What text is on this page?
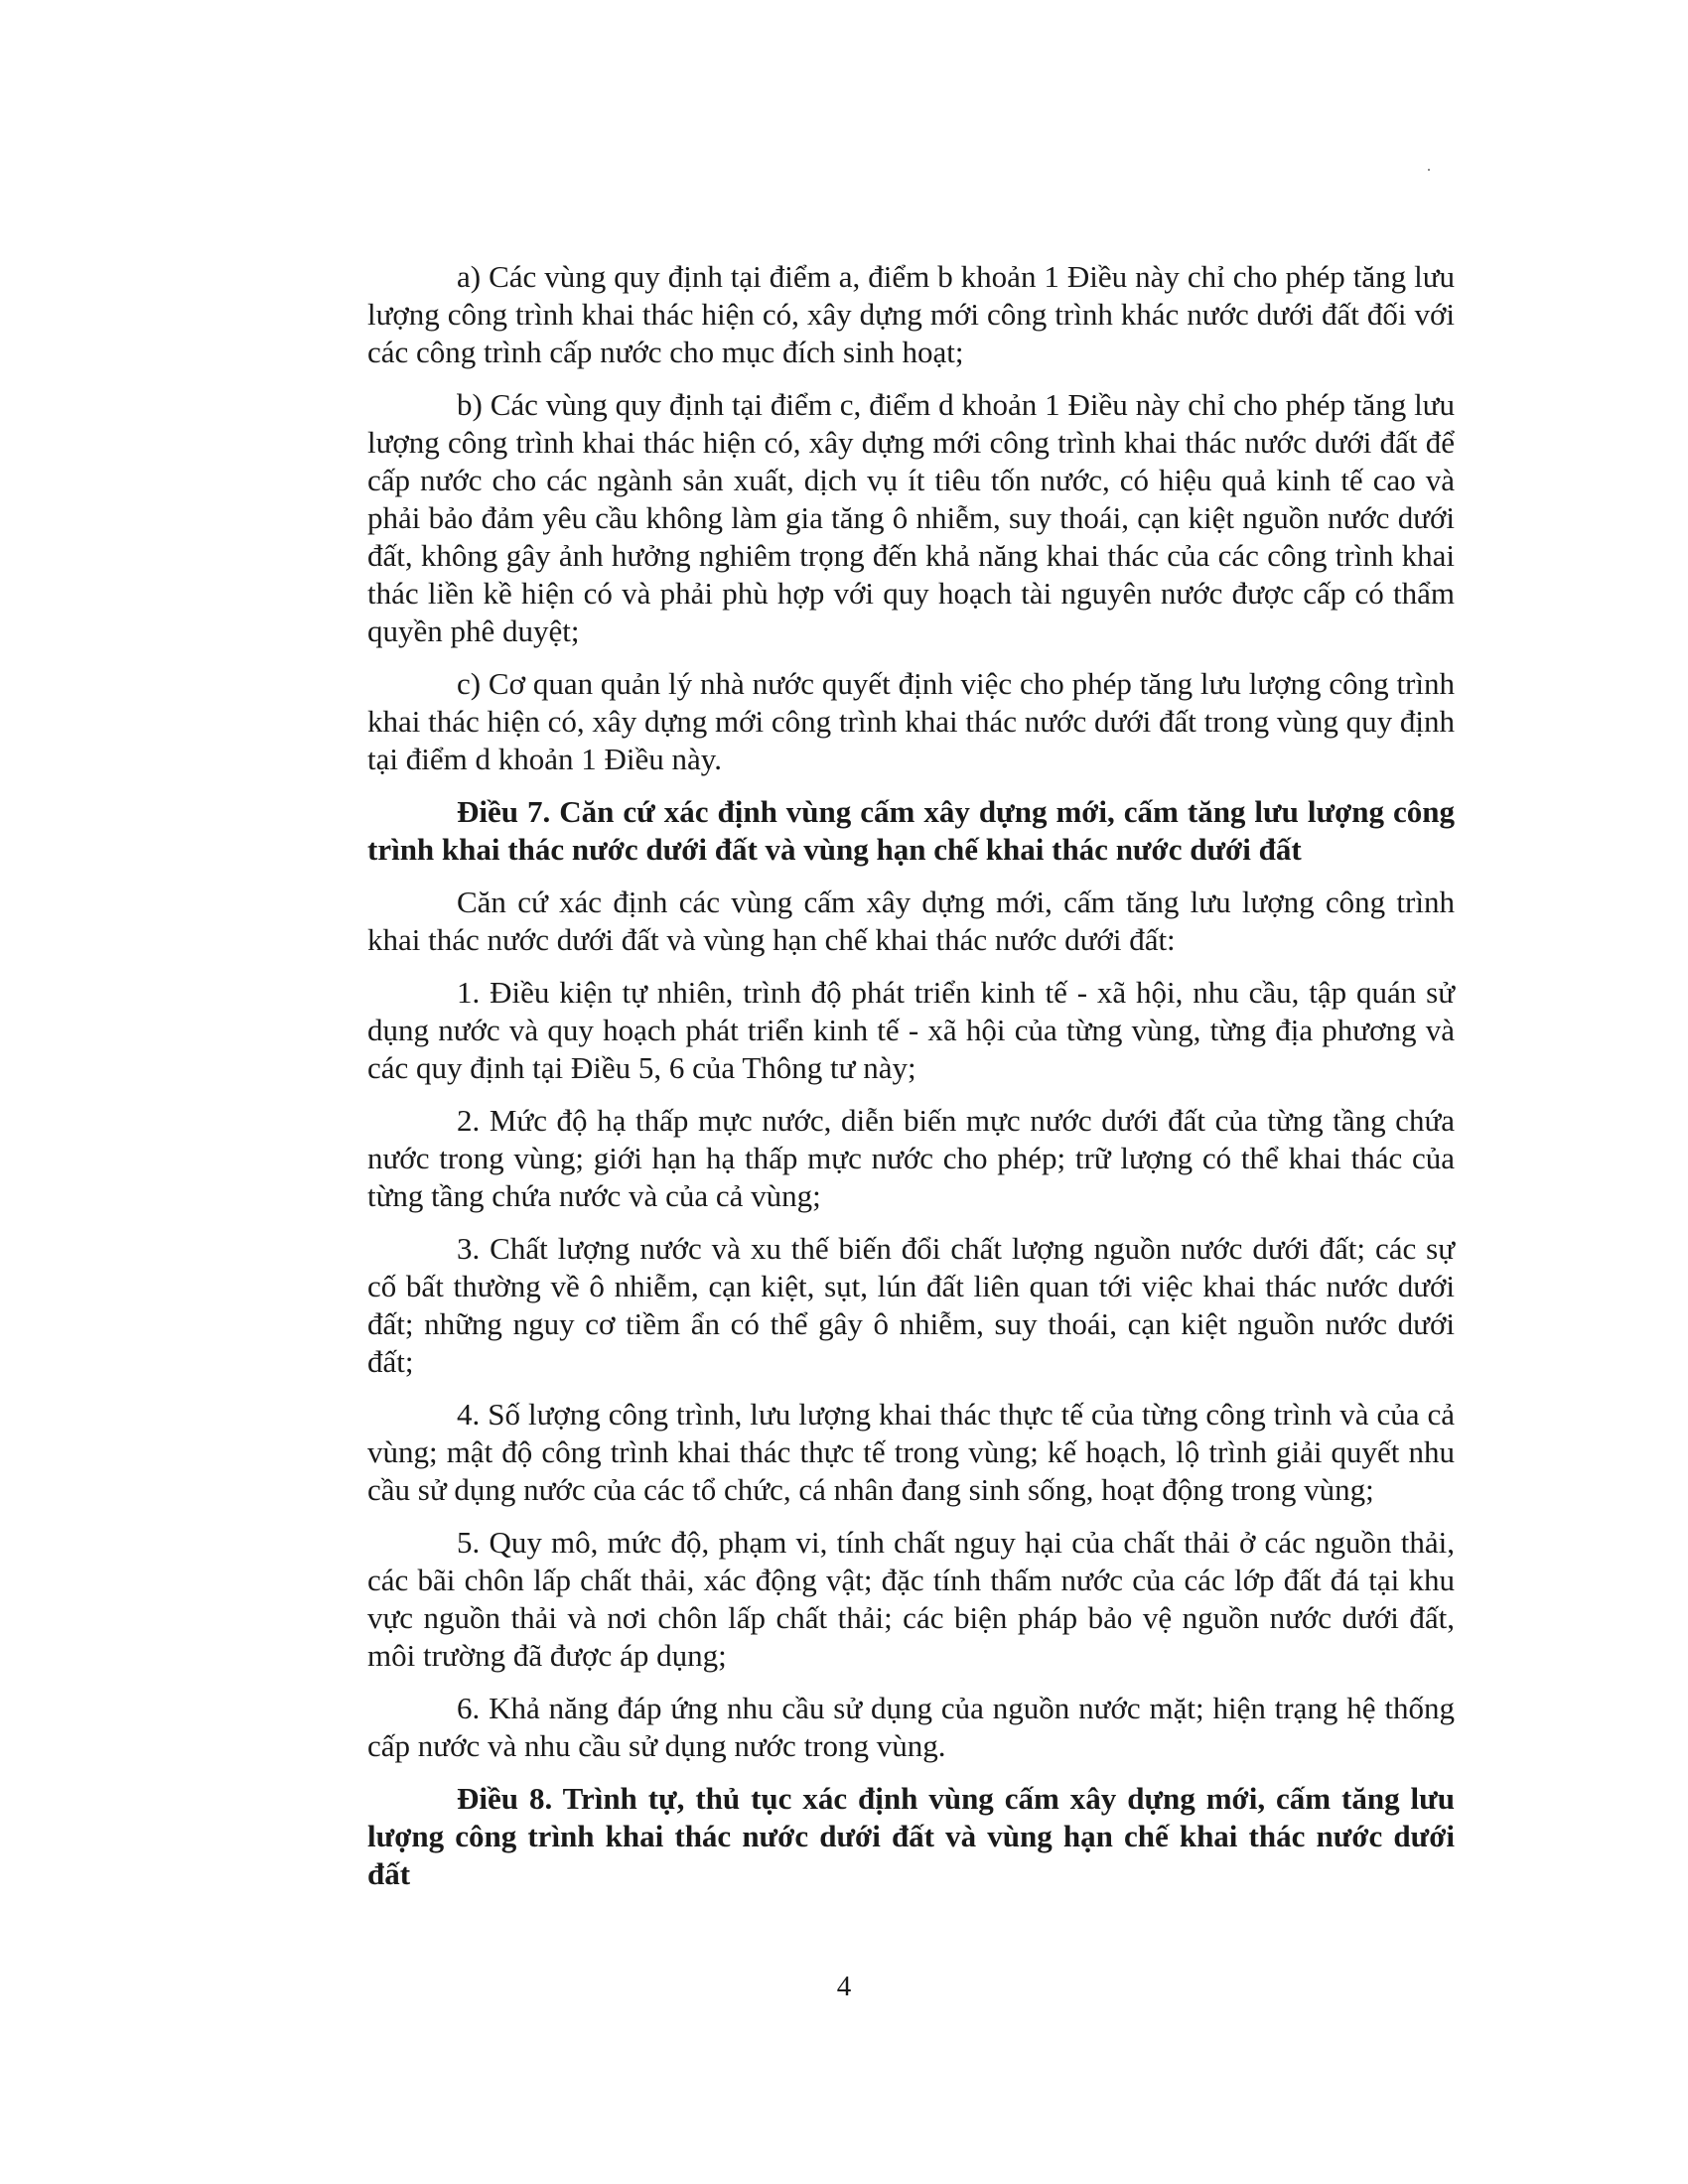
a) Các vùng quy định tại điểm a, điểm b khoản 1 Điều này chỉ cho phép tăng lưu lượng công trình khai thác hiện có, xây dựng mới công trình khác nước dưới đất đối với các công trình cấp nước cho mục đích sinh hoạt;

b) Các vùng quy định tại điểm c, điểm d khoản 1 Điều này chỉ cho phép tăng lưu lượng công trình khai thác hiện có, xây dựng mới công trình khai thác nước dưới đất để cấp nước cho các ngành sản xuất, dịch vụ ít tiêu tốn nước, có hiệu quả kinh tế cao và phải bảo đảm yêu cầu không làm gia tăng ô nhiễm, suy thoái, cạn kiệt nguồn nước dưới đất, không gây ảnh hưởng nghiêm trọng đến khả năng khai thác của các công trình khai thác liền kề hiện có và phải phù hợp với quy hoạch tài nguyên nước được cấp có thẩm quyền phê duyệt;

c) Cơ quan quản lý nhà nước quyết định việc cho phép tăng lưu lượng công trình khai thác hiện có, xây dựng mới công trình khai thác nước dưới đất trong vùng quy định tại điểm d khoản 1 Điều này.

Điều 7. Căn cứ xác định vùng cấm xây dựng mới, cấm tăng lưu lượng công trình khai thác nước dưới đất và vùng hạn chế khai thác nước dưới đất

Căn cứ xác định các vùng cấm xây dựng mới, cấm tăng lưu lượng công trình khai thác nước dưới đất và vùng hạn chế khai thác nước dưới đất:

1. Điều kiện tự nhiên, trình độ phát triển kinh tế - xã hội, nhu cầu, tập quán sử dụng nước và quy hoạch phát triển kinh tế - xã hội của từng vùng, từng địa phương và các quy định tại Điều 5, 6 của Thông tư này;

2. Mức độ hạ thấp mực nước, diễn biến mực nước dưới đất của từng tầng chứa nước trong vùng; giới hạn hạ thấp mực nước cho phép; trữ lượng có thể khai thác của từng tầng chứa nước và của cả vùng;

3. Chất lượng nước và xu thế biến đổi chất lượng nguồn nước dưới đất; các sự cố bất thường về ô nhiễm, cạn kiệt, sụt, lún đất liên quan tới việc khai thác nước dưới đất; những nguy cơ tiềm ẩn có thể gây ô nhiễm, suy thoái, cạn kiệt nguồn nước dưới đất;

4. Số lượng công trình, lưu lượng khai thác thực tế của từng công trình và của cả vùng; mật độ công trình khai thác thực tế trong vùng; kế hoạch, lộ trình giải quyết nhu cầu sử dụng nước của các tổ chức, cá nhân đang sinh sống, hoạt động trong vùng;

5. Quy mô, mức độ, phạm vi, tính chất nguy hại của chất thải ở các nguồn thải, các bãi chôn lấp chất thải, xác động vật; đặc tính thấm nước của các lớp đất đá tại khu vực nguồn thải và nơi chôn lấp chất thải; các biện pháp bảo vệ nguồn nước dưới đất, môi trường đã được áp dụng;

6. Khả năng đáp ứng nhu cầu sử dụng của nguồn nước mặt; hiện trạng hệ thống cấp nước và nhu cầu sử dụng nước trong vùng.

Điều 8. Trình tự, thủ tục xác định vùng cấm xây dựng mới, cấm tăng lưu lượng công trình khai thác nước dưới đất và vùng hạn chế khai thác nước dưới đất

4
